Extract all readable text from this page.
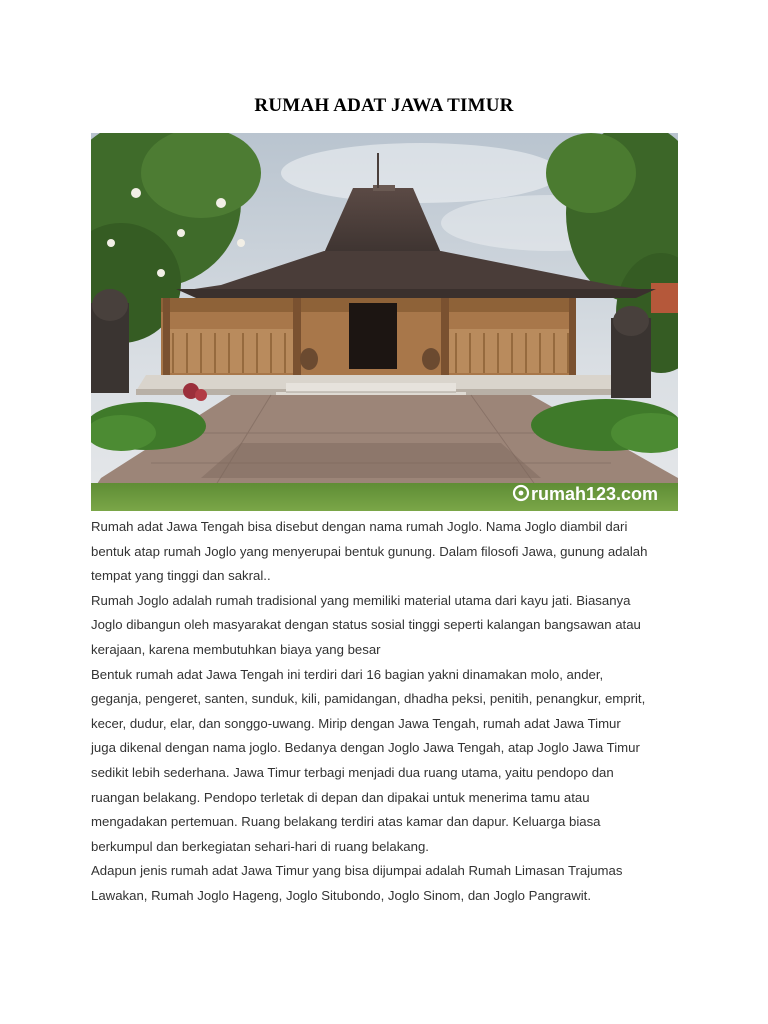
RUMAH ADAT JAWA TIMUR
rumah123.com

Rumah adat Jawa Tengah bisa disebut dengan nama rumah Joglo. Nama Joglo diambil dari

bentuk atap rumah Joglo yang menyerupai bentuk gunung. Dalam filosofi Jawa, gunung adalah

tempat yang tinggi dan sakral..

Rumah Joglo adalah rumah tradisional yang memiliki material utama dari kayu jati. Biasanya

Joglo dibangun oleh masyarakat dengan status sosial tinggi seperti kalangan bangsawan atau

kerajaan, karena membutuhkan biaya yang besar

Bentuk rumah adat Jawa Tengah ini terdiri dari 16 bagian yakni dinamakan molo, ander,

geganja, pengeret, santen, sunduk, kili, pamidangan, dhadha peksi, penitih, penangkur, emprit,

kecer, dudur, elar, dan songgo-uwang. Mirip dengan Jawa Tengah, rumah adat Jawa Timur

juga dikenal dengan nama joglo. Bedanya dengan Joglo Jawa Tengah, atap Joglo Jawa Timur

sedikit lebih sederhana. Jawa Timur terbagi menjadi dua ruang utama, yaitu pendopo dan

ruangan belakang. Pendopo terletak di depan dan dipakai untuk menerima tamu atau

mengadakan pertemuan. Ruang belakang terdiri atas kamar dan dapur. Keluarga biasa

berkumpul dan berkegiatan sehari-hari di ruang belakang.

Adapun jenis rumah adat Jawa Timur yang bisa dijumpai adalah Rumah Limasan Trajumas

Lawakan, Rumah Joglo Hageng, Joglo Situbondo, Joglo Sinom, dan Joglo Pangrawit.
